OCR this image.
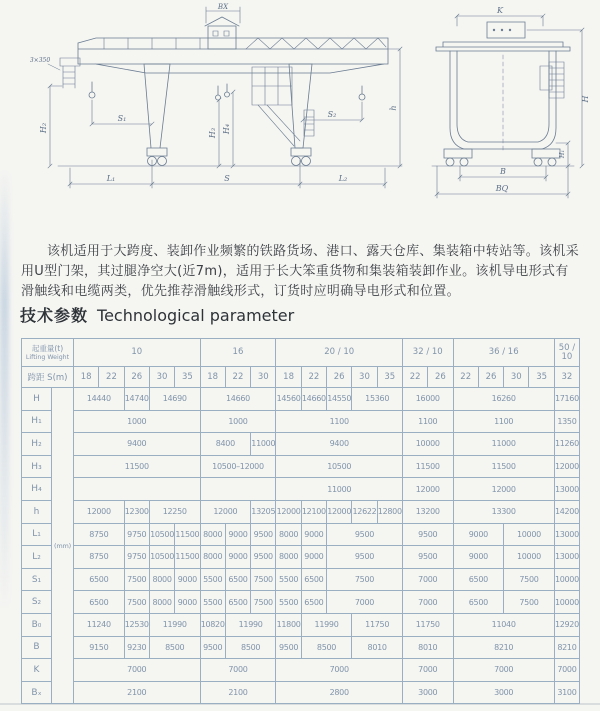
BX
3×350
S₁	S₂
H₂	H₃ H₄
h
L₁	S	L₂
K
H
H₁
B
BQ

该机适用于大跨度、装卸作业频繁的铁路货场、港口、露天仓库、集装箱中转站等。该机采用U型门架，其过腿净空大(近7m)，适用于长大笨重货物和集装箱装卸作业。该机导电形式有滑触线和电缆两类，优先推荐滑触线形式，订货时应明确导电形式和位置。

技术参数 Technological parameter
起重量(t)
Lifting Weight		10					16			20 / 10					32 / 10		36 / 16				50 / 10
跨距 S(m)		18	22	26	30	35	18	22	30	18	22	26	30	35	22	26	22	26	30	35	32
H	(mm)	14440		14740	14690		14660			14560	14660	14550	15360		16000		16260				17160
H₁		1000					1000			1100					1100		1100				1350
H₂		9400					8400		11000	9400					10000		11000				11260
H₃		11500					10500–12000			10500					11500		11500				12000
H₄										11000					12000		12000				13000
h		12000		12300	12250		12000		13205	12000	12100	12000	12622	12800	13200		13300				14200
L₁		8750		9750	10500	11500	8000	9000	9500	8000	9000	9500			9500		9000		10000		13000
L₂		8750		9750	10500	11500	8000	9000	9500	8000	9000	9500			9500		9000		10000		13000
S₁		6500		7500	8000	9000	5500	6500	7500	5500	6500	7500			7000		6500		7500		10000
S₂		6500		7500	8000	9000	5500	6500	7500	5500	6500	7000			7000		6500		7500		10000
B₀		11240		12530	11990		10820	11990		11800	11990		11750		11750		11040				12920
B		9150		9230	8500		9500	8500		9500	8500		8010		8010		8210				8210
K		7000					7000			7000					7000		7000				7000
Bₓ		2100					2100			2800					3000		3000				3100
